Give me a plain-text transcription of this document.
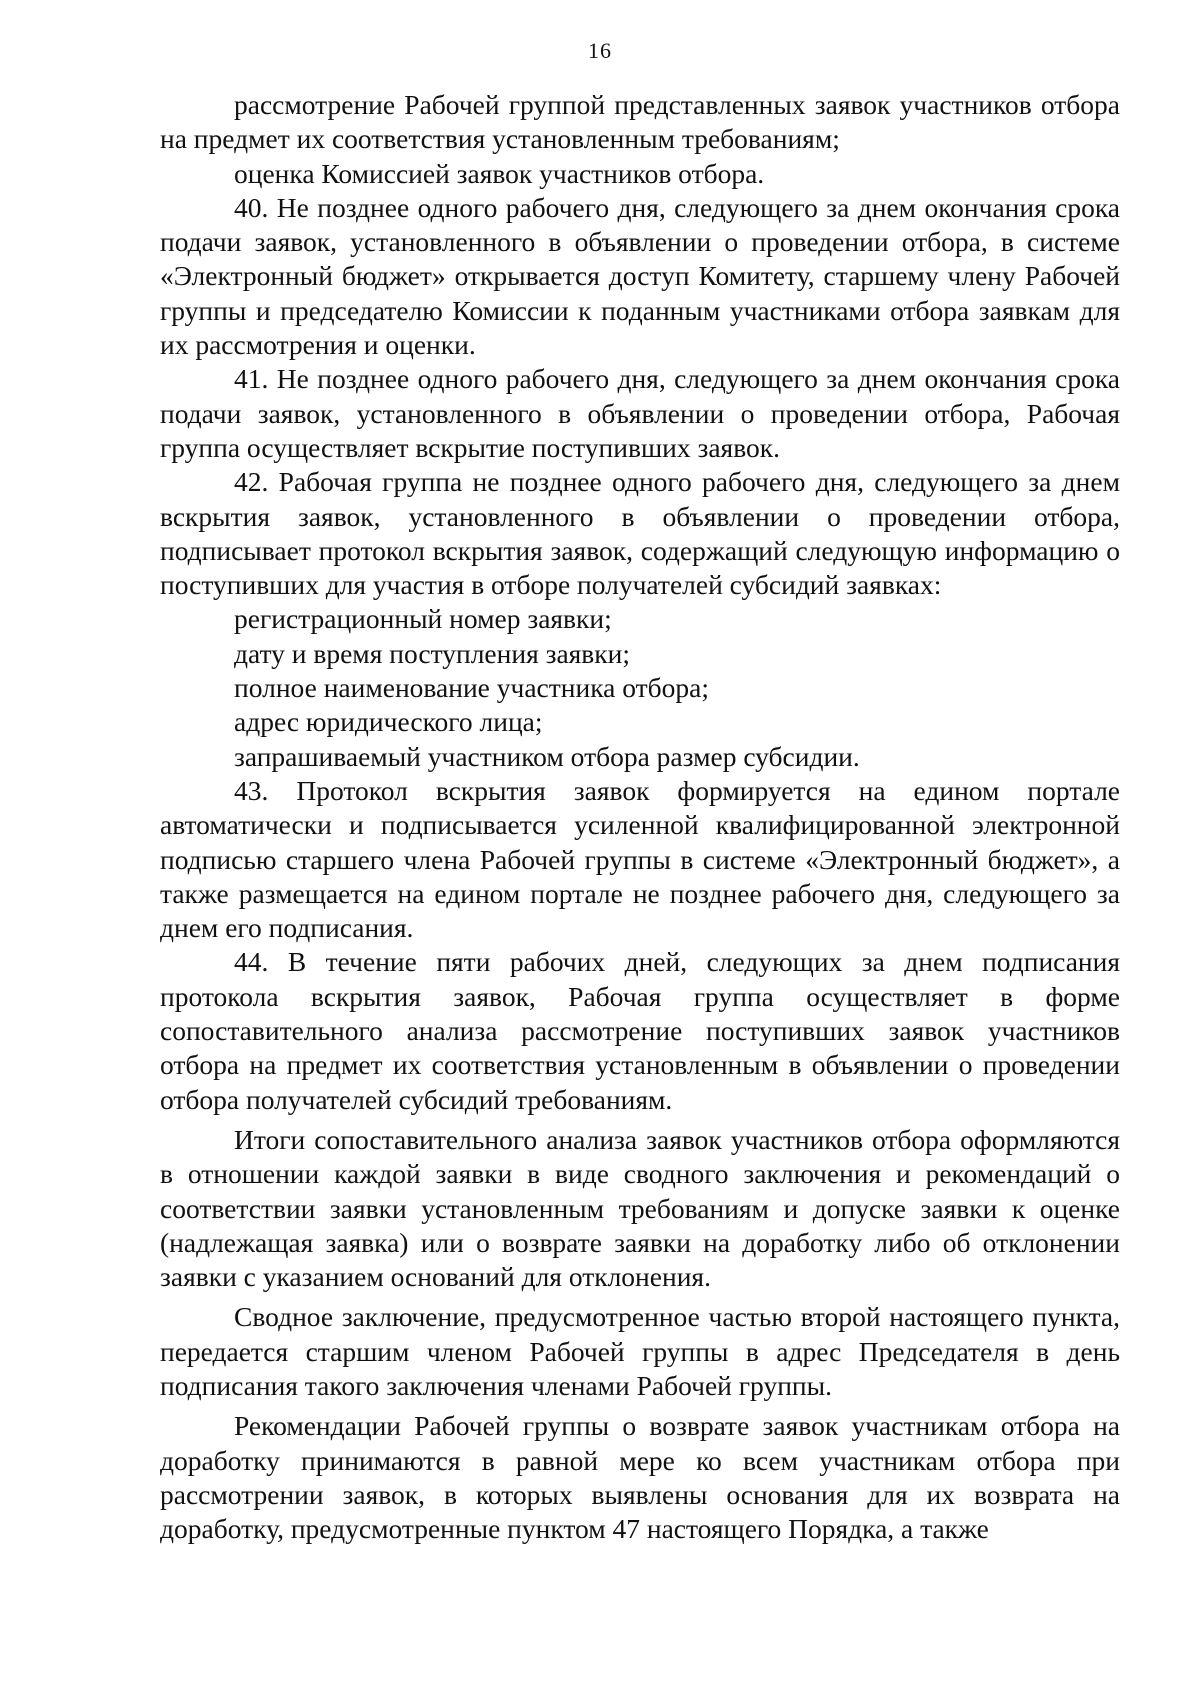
16

рассмотрение Рабочей группой представленных заявок участников отбора на предмет их соответствия установленным требованиям;

оценка Комиссией заявок участников отбора.

40. Не позднее одного рабочего дня, следующего за днем окончания срока подачи заявок, установленного в объявлении о проведении отбора, в системе «Электронный бюджет» открывается доступ Комитету, старшему члену Рабочей группы и председателю Комиссии к поданным участниками отбора заявкам для их рассмотрения и оценки.

41. Не позднее одного рабочего дня, следующего за днем окончания срока подачи заявок, установленного в объявлении о проведении отбора, Рабочая группа осуществляет вскрытие поступивших заявок.

42. Рабочая группа не позднее одного рабочего дня, следующего за днем вскрытия заявок, установленного в объявлении о проведении отбора, подписывает протокол вскрытия заявок, содержащий следующую информацию о поступивших для участия в отборе получателей субсидий заявках:

регистрационный номер заявки;

дату и время поступления заявки;

полное наименование участника отбора;

адрес юридического лица;

запрашиваемый участником отбора размер субсидии.

43. Протокол вскрытия заявок формируется на едином портале автоматически и подписывается усиленной квалифицированной электронной подписью старшего члена Рабочей группы в системе «Электронный бюджет», а также размещается на едином портале не позднее рабочего дня, следующего за днем его подписания.

44. В течение пяти рабочих дней, следующих за днем подписания протокола вскрытия заявок, Рабочая группа осуществляет в форме сопоставительного анализа рассмотрение поступивших заявок участников отбора на предмет их соответствия установленным в объявлении о проведении отбора получателей субсидий требованиям.

Итоги сопоставительного анализа заявок участников отбора оформляются в отношении каждой заявки в виде сводного заключения и рекомендаций о соответствии заявки установленным требованиям и допуске заявки к оценке (надлежащая заявка) или о возврате заявки на доработку либо об отклонении заявки с указанием оснований для отклонения.

Сводное заключение, предусмотренное частью второй настоящего пункта, передается старшим членом Рабочей группы в адрес Председателя в день подписания такого заключения членами Рабочей группы.

Рекомендации Рабочей группы о возврате заявок участникам отбора на доработку принимаются в равной мере ко всем участникам отбора при рассмотрении заявок, в которых выявлены основания для их возврата на доработку, предусмотренные пунктом 47 настоящего Порядка, а также
